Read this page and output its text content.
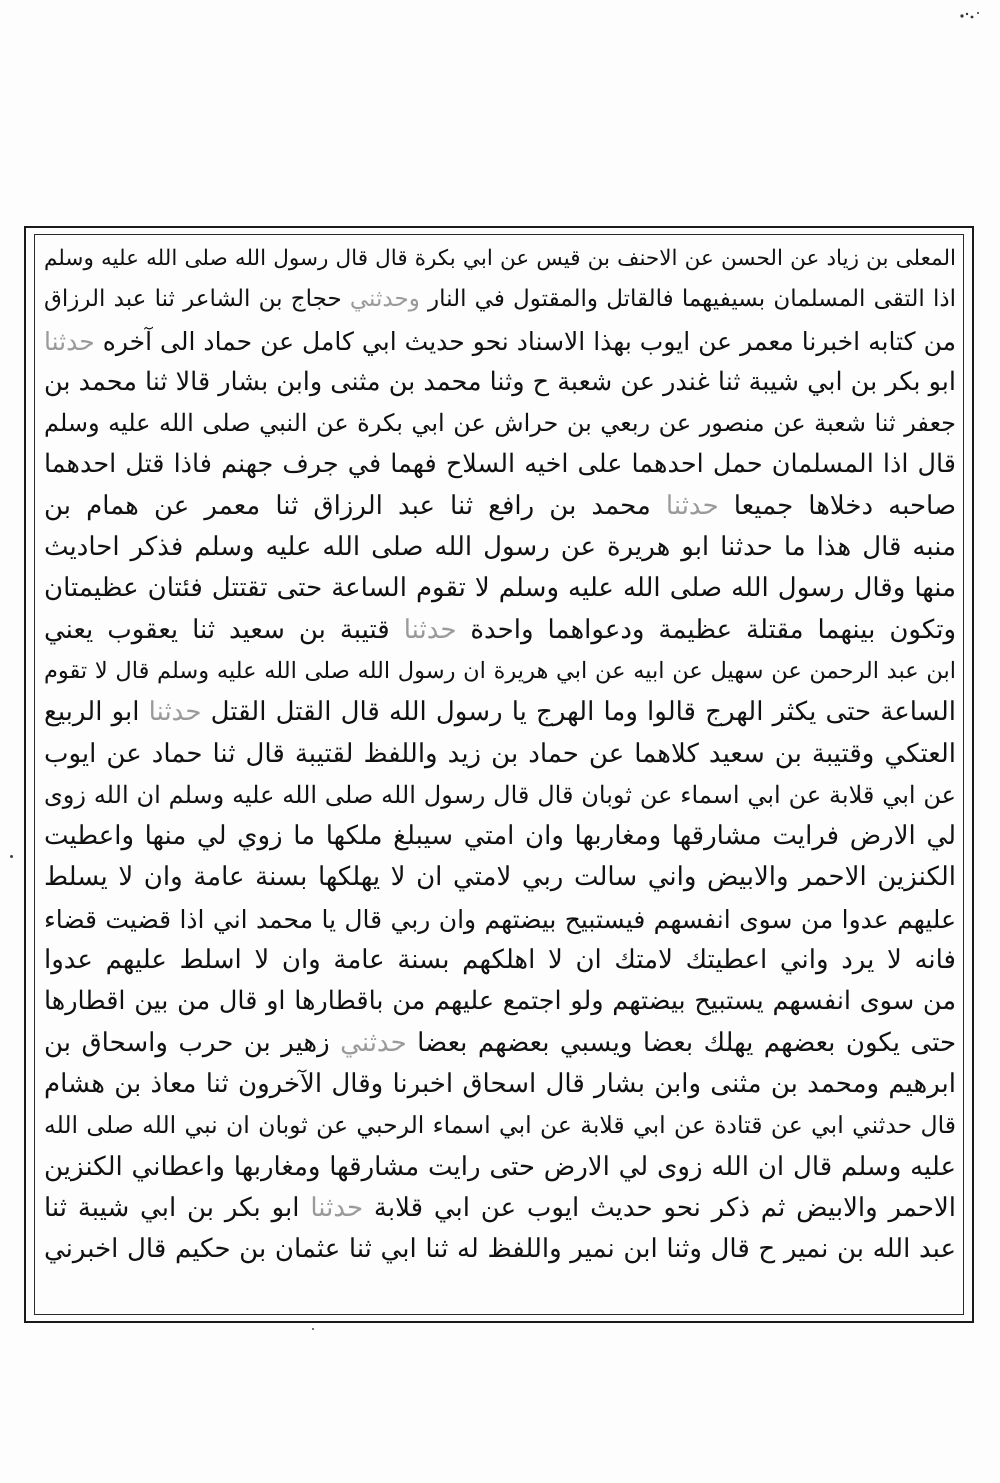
المعلى بن زياد عن الحسن عن الاحنف بن قيس عن ابي بكرة قال قال رسول الله صلى الله عليه وسلم
اذا التقى المسلمان بسيفيهما فالقاتل والمقتول في النار وحدثني حجاج بن الشاعر ثنا عبد الرزاق
من كتابه اخبرنا معمر عن ايوب بهذا الاسناد نحو حديث ابي كامل عن حماد الى آخره حدثنا
ابو بكر بن ابي شيبة ثنا غندر عن شعبة ح وثنا محمد بن مثنى وابن بشار قالا ثنا محمد بن
جعفر ثنا شعبة عن منصور عن ربعي بن حراش عن ابي بكرة عن النبي صلى الله عليه وسلم
قال اذا المسلمان حمل احدهما على اخيه السلاح فهما في جرف جهنم فاذا قتل احدهما
صاحبه دخلاها جميعا حدثنا محمد بن رافع ثنا عبد الرزاق ثنا معمر عن همام بن
منبه قال هذا ما حدثنا ابو هريرة عن رسول الله صلى الله عليه وسلم فذكر احاديث
منها وقال رسول الله صلى الله عليه وسلم لا تقوم الساعة حتى تقتتل فئتان عظيمتان
وتكون بينهما مقتلة عظيمة ودعواهما واحدة حدثنا قتيبة بن سعيد ثنا يعقوب يعني
ابن عبد الرحمن عن سهيل عن ابيه عن ابي هريرة ان رسول الله صلى الله عليه وسلم قال لا تقوم
الساعة حتى يكثر الهرج قالوا وما الهرج يا رسول الله قال القتل القتل حدثنا ابو الربيع
العتكي وقتيبة بن سعيد كلاهما عن حماد بن زيد واللفظ لقتيبة قال ثنا حماد عن ايوب
عن ابي قلابة عن ابي اسماء عن ثوبان قال قال رسول الله صلى الله عليه وسلم ان الله زوى
لي الارض فرايت مشارقها ومغاربها وان امتي سيبلغ ملكها ما زوي لي منها واعطيت
الكنزين الاحمر والابيض واني سالت ربي لامتي ان لا يهلكها بسنة عامة وان لا يسلط
عليهم عدوا من سوى انفسهم فيستبيح بيضتهم وان ربي قال يا محمد اني اذا قضيت قضاء
فانه لا يرد واني اعطيتك لامتك ان لا اهلكهم بسنة عامة وان لا اسلط عليهم عدوا
من سوى انفسهم يستبيح بيضتهم ولو اجتمع عليهم من باقطارها او قال من بين اقطارها
حتى يكون بعضهم يهلك بعضا ويسبي بعضهم بعضا حدثني زهير بن حرب واسحاق بن
ابرهيم ومحمد بن مثنى وابن بشار قال اسحاق اخبرنا وقال الآخرون ثنا معاذ بن هشام
قال حدثني ابي عن قتادة عن ابي قلابة عن ابي اسماء الرحبي عن ثوبان ان نبي الله صلى الله
عليه وسلم قال ان الله زوى لي الارض حتى رايت مشارقها ومغاربها واعطاني الكنزين
الاحمر والابيض ثم ذكر نحو حديث ايوب عن ابي قلابة حدثنا ابو بكر بن ابي شيبة ثنا
عبد الله بن نمير ح قال وثنا ابن نمير واللفظ له ثنا ابي ثنا عثمان بن حكيم قال اخبرني
